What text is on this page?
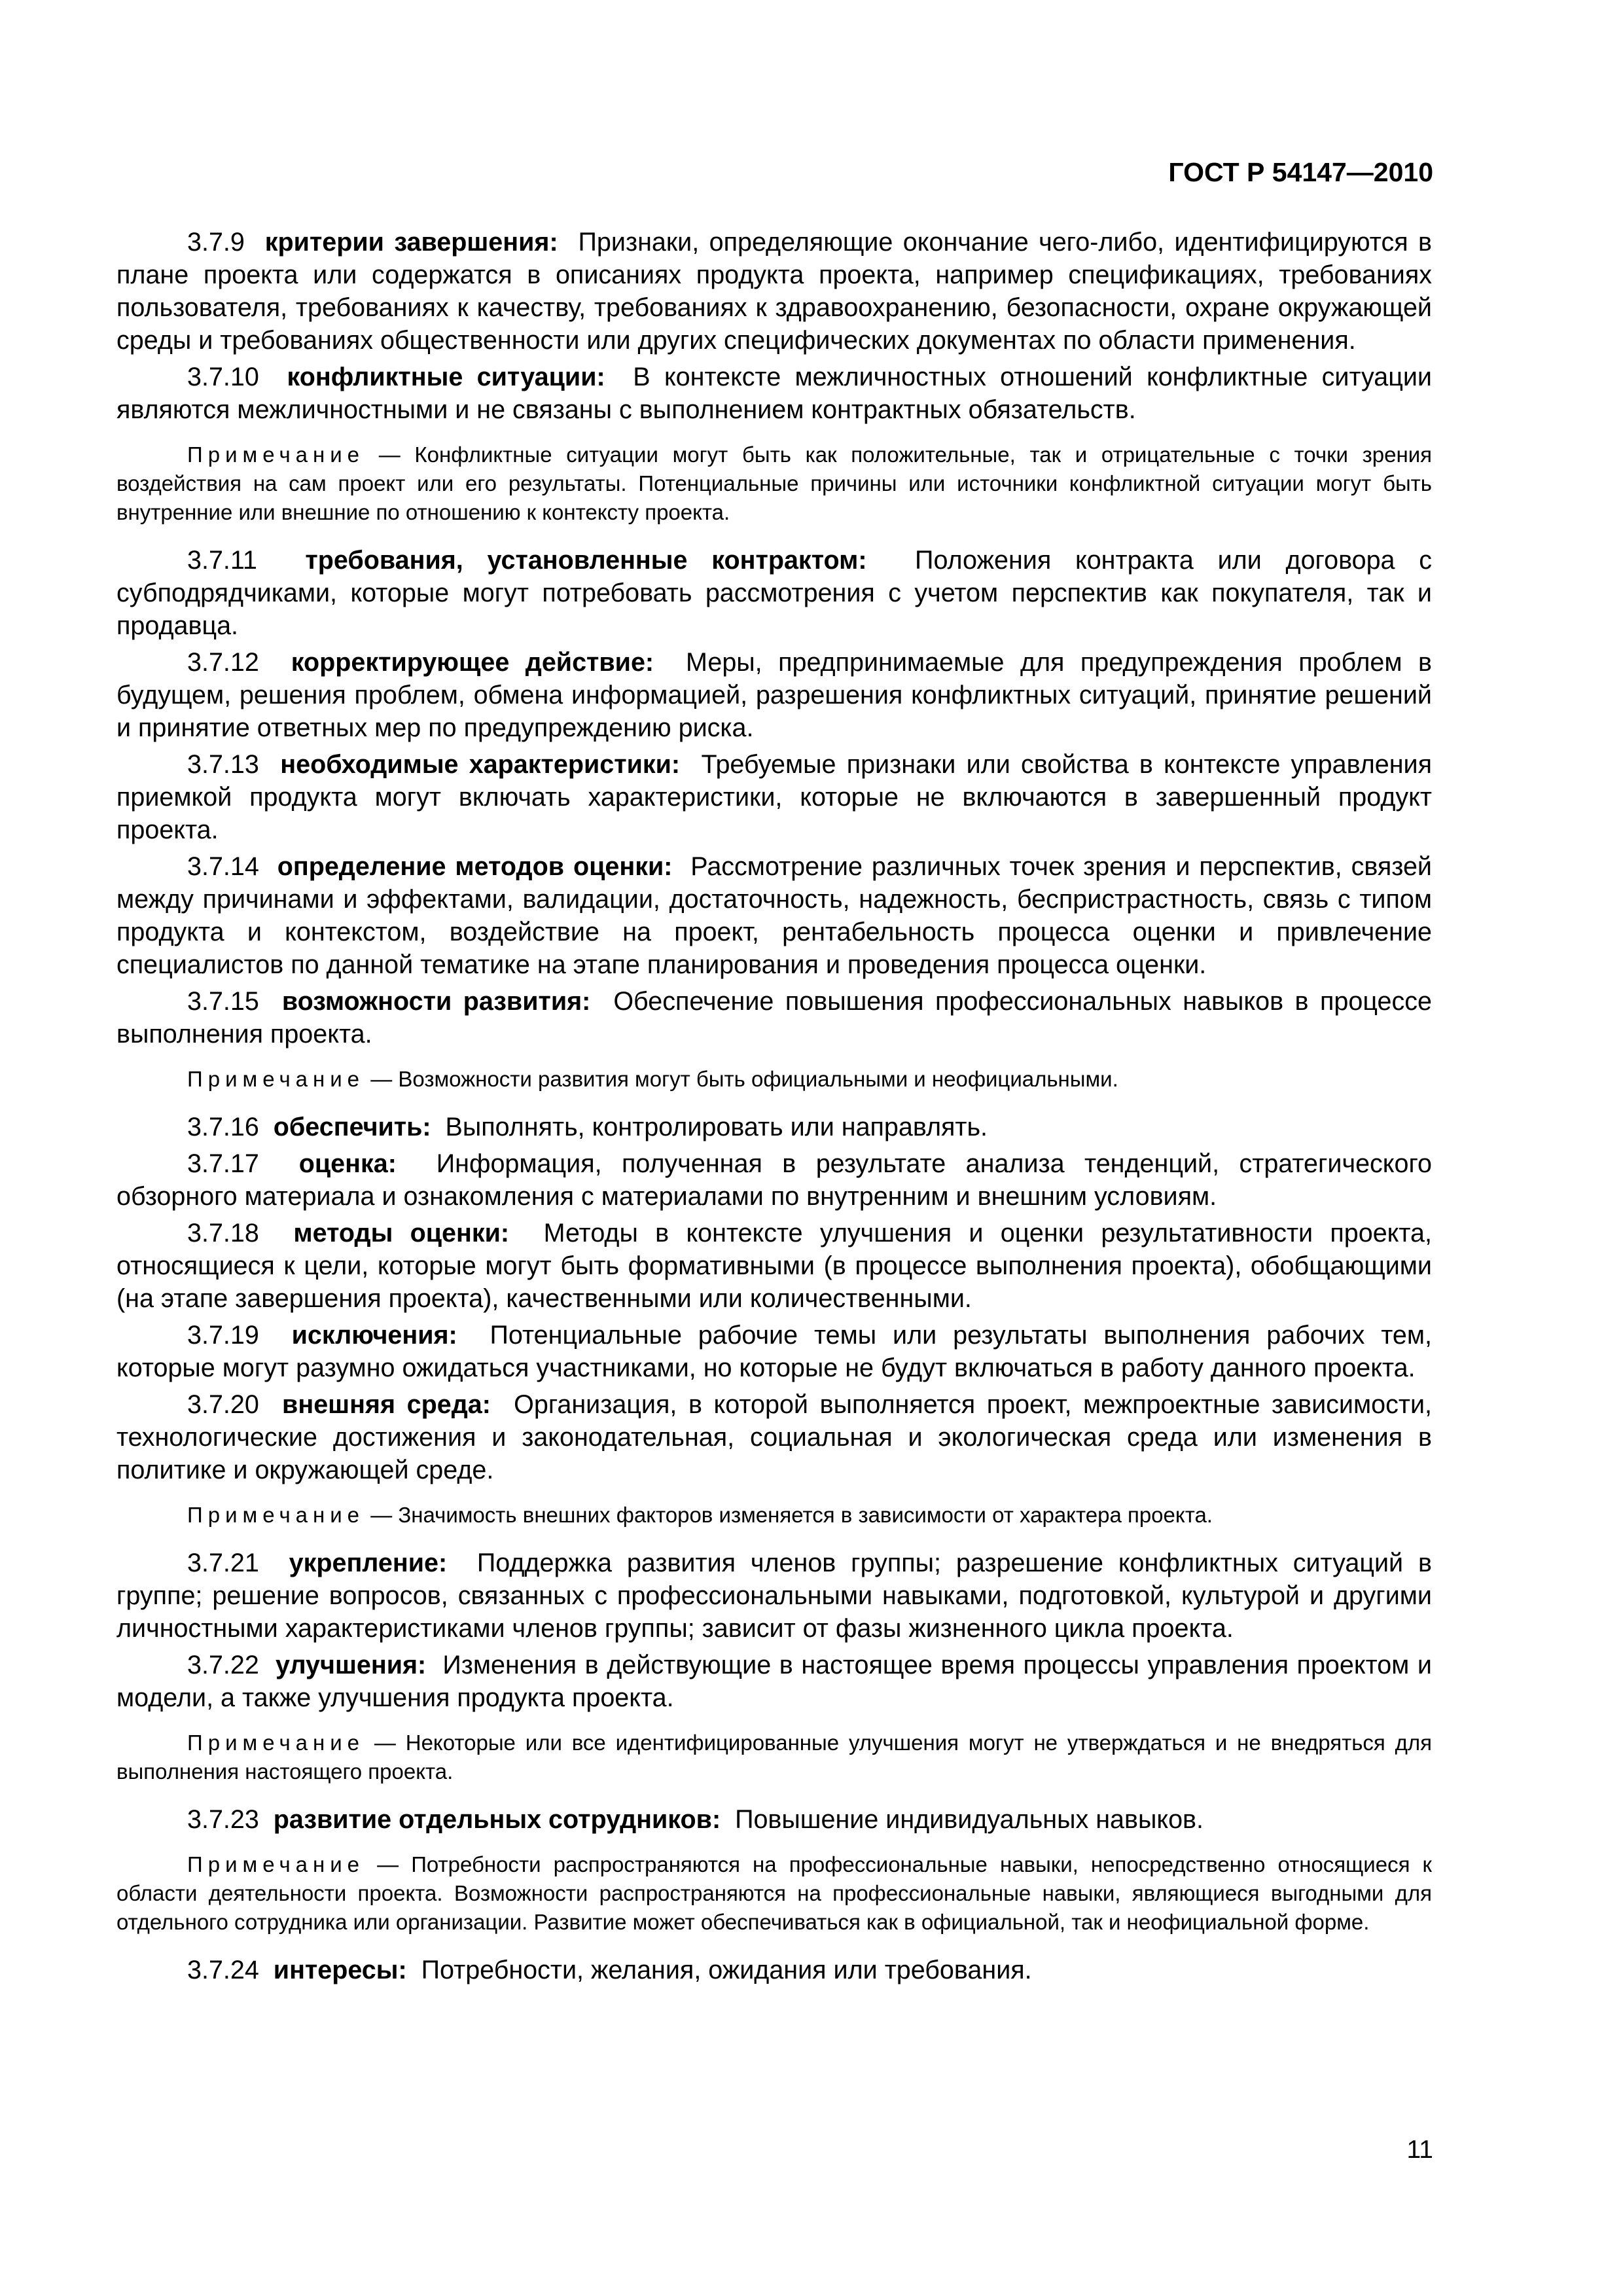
ГОСТ Р 54147—2010

3.7.9 критерии завершения: Признаки, определяющие окончание чего-либо, идентифицируются в плане проекта или содержатся в описаниях продукта проекта, например спецификациях, требованиях пользователя, требованиях к качеству, требованиях к здравоохранению, безопасности, охране окружающей среды и требованиях общественности или других специфических документах по области применения.

3.7.10 конфликтные ситуации: В контексте межличностных отношений конфликтные ситуации являются межличностными и не связаны с выполнением контрактных обязательств.

Примечание — Конфликтные ситуации могут быть как положительные, так и отрицательные с точки зрения воздействия на сам проект или его результаты. Потенциальные причины или источники конфликтной ситуации могут быть внутренние или внешние по отношению к контексту проекта.

3.7.11 требования, установленные контрактом: Положения контракта или договора с субподрядчиками, которые могут потребовать рассмотрения с учетом перспектив как покупателя, так и продавца.

3.7.12 корректирующее действие: Меры, предпринимаемые для предупреждения проблем в будущем, решения проблем, обмена информацией, разрешения конфликтных ситуаций, принятие решений и принятие ответных мер по предупреждению риска.

3.7.13 необходимые характеристики: Требуемые признаки или свойства в контексте управления приемкой продукта могут включать характеристики, которые не включаются в завершенный продукт проекта.

3.7.14 определение методов оценки: Рассмотрение различных точек зрения и перспектив, связей между причинами и эффектами, валидации, достаточность, надежность, беспристрастность, связь с типом продукта и контекстом, воздействие на проект, рентабельность процесса оценки и привлечение специалистов по данной тематике на этапе планирования и проведения процесса оценки.

3.7.15 возможности развития: Обеспечение повышения профессиональных навыков в процессе выполнения проекта.

Примечание — Возможности развития могут быть официальными и неофициальными.

3.7.16 обеспечить: Выполнять, контролировать или направлять.

3.7.17 оценка: Информация, полученная в результате анализа тенденций, стратегического обзорного материала и ознакомления с материалами по внутренним и внешним условиям.

3.7.18 методы оценки: Методы в контексте улучшения и оценки результативности проекта, относящиеся к цели, которые могут быть формативными (в процессе выполнения проекта), обобщающими (на этапе завершения проекта), качественными или количественными.

3.7.19 исключения: Потенциальные рабочие темы или результаты выполнения рабочих тем, которые могут разумно ожидаться участниками, но которые не будут включаться в работу данного проекта.

3.7.20 внешняя среда: Организация, в которой выполняется проект, межпроектные зависимости, технологические достижения и законодательная, социальная и экологическая среда или изменения в политике и окружающей среде.

Примечание — Значимость внешних факторов изменяется в зависимости от характера проекта.

3.7.21 укрепление: Поддержка развития членов группы; разрешение конфликтных ситуаций в группе; решение вопросов, связанных с профессиональными навыками, подготовкой, культурой и другими личностными характеристиками членов группы; зависит от фазы жизненного цикла проекта.

3.7.22 улучшения: Изменения в действующие в настоящее время процессы управления проектом и модели, а также улучшения продукта проекта.

Примечание — Некоторые или все идентифицированные улучшения могут не утверждаться и не внедряться для выполнения настоящего проекта.

3.7.23 развитие отдельных сотрудников: Повышение индивидуальных навыков.

Примечание — Потребности распространяются на профессиональные навыки, непосредственно относящиеся к области деятельности проекта. Возможности распространяются на профессиональные навыки, являющиеся выгодными для отдельного сотрудника или организации. Развитие может обеспечиваться как в официальной, так и неофициальной форме.

3.7.24 интересы: Потребности, желания, ожидания или требования.

11
